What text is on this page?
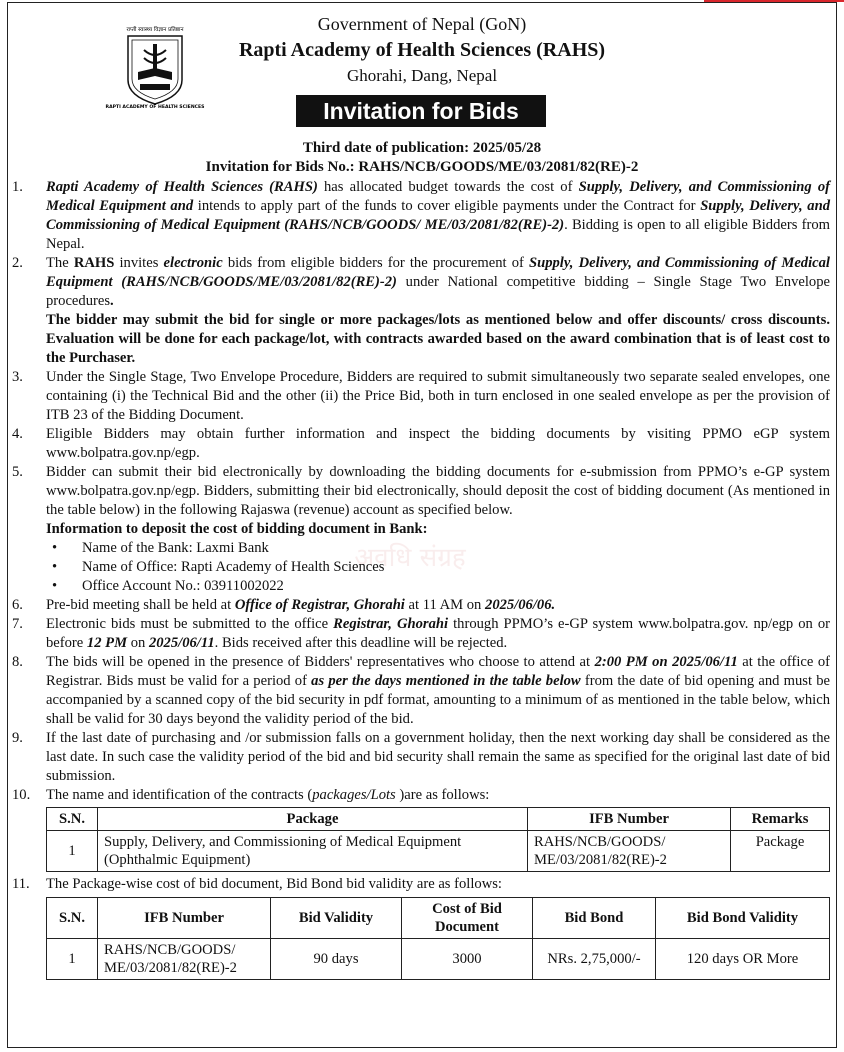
राप्ती स्वास्थ्य विज्ञान प्रतिष्ठान
RAPTI ACADEMY OF HEALTH SCIENCES
Government of Nepal (GoN)
Rapti Academy of Health Sciences (RAHS)
Ghorahi, Dang, Nepal
Invitation for Bids
Third date of publication: 2025/05/28
Invitation for Bids No.: RAHS/NCB/GOODS/ME/03/2081/82(RE)-2
अवधि संग्रह
1. Rapti Academy of Health Sciences (RAHS) has allocated budget towards the cost of Supply, Delivery, and Commissioning of Medical Equipment and intends to apply part of the funds to cover eligible payments under the Contract for Supply, Delivery, and Commissioning of Medical Equipment (RAHS/NCB/GOODS/ ME/03/2081/82(RE)-2). Bidding is open to all eligible Bidders from Nepal.
2. The RAHS invites electronic bids from eligible bidders for the procurement of Supply, Delivery, and Commissioning of Medical Equipment (RAHS/NCB/GOODS/ME/03/2081/82(RE)-2) under National competitive bidding – Single Stage Two Envelope procedures.
The bidder may submit the bid for single or more packages/lots as mentioned below and offer discounts/ cross discounts. Evaluation will be done for each package/lot, with contracts awarded based on the award combination that is of least cost to the Purchaser.
3. Under the Single Stage, Two Envelope Procedure, Bidders are required to submit simultaneously two separate sealed envelopes, one containing (i) the Technical Bid and the other (ii) the Price Bid, both in turn enclosed in one sealed envelope as per the provision of ITB 23 of the Bidding Document.
4. Eligible Bidders may obtain further information and inspect the bidding documents by visiting PPMO eGP system www.bolpatra.gov.np/egp.
5. Bidder can submit their bid electronically by downloading the bidding documents for e-submission from PPMO’s e-GP system www.bolpatra.gov.np/egp. Bidders, submitting their bid electronically, should deposit the cost of bidding document (As mentioned in the table below) in the following Rajaswa (revenue) account as specified below.
Information to deposit the cost of bidding document in Bank:
• Name of the Bank: Laxmi Bank
• Name of Office: Rapti Academy of Health Sciences
• Office Account No.: 03911002022
6. Pre-bid meeting shall be held at Office of Registrar, Ghorahi at 11 AM on 2025/06/06.
7. Electronic bids must be submitted to the office Registrar, Ghorahi through PPMO’s e-GP system www.bolpatra.gov. np/egp on or before 12 PM on 2025/06/11. Bids received after this deadline will be rejected.
8. The bids will be opened in the presence of Bidders' representatives who choose to attend at 2:00 PM on 2025/06/11 at the office of Registrar. Bids must be valid for a period of as per the days mentioned in the table below from the date of bid opening and must be accompanied by a scanned copy of the bid security in pdf format, amounting to a minimum of as mentioned in the table below, which shall be valid for 30 days beyond the validity period of the bid.
9. If the last date of purchasing and /or submission falls on a government holiday, then the next working day shall be considered as the last date. In such case the validity period of the bid and bid security shall remain the same as specified for the original last date of bid submission.
10. The name and identification of the contracts (packages/Lots )are as follows:
S.N.	Package	IFB Number	Remarks
1	Supply, Delivery, and Commissioning of Medical Equipment (Ophthalmic Equipment)	RAHS/NCB/GOODS/ ME/03/2081/82(RE)-2	Package
11. The Package-wise cost of bid document, Bid Bond bid validity are as follows:
S.N.	IFB Number	Bid Validity	Cost of Bid Document	Bid Bond	Bid Bond Validity
1	RAHS/NCB/GOODS/ ME/03/2081/82(RE)-2	90 days	3000	NRs. 2,75,000/-	120 days OR More
